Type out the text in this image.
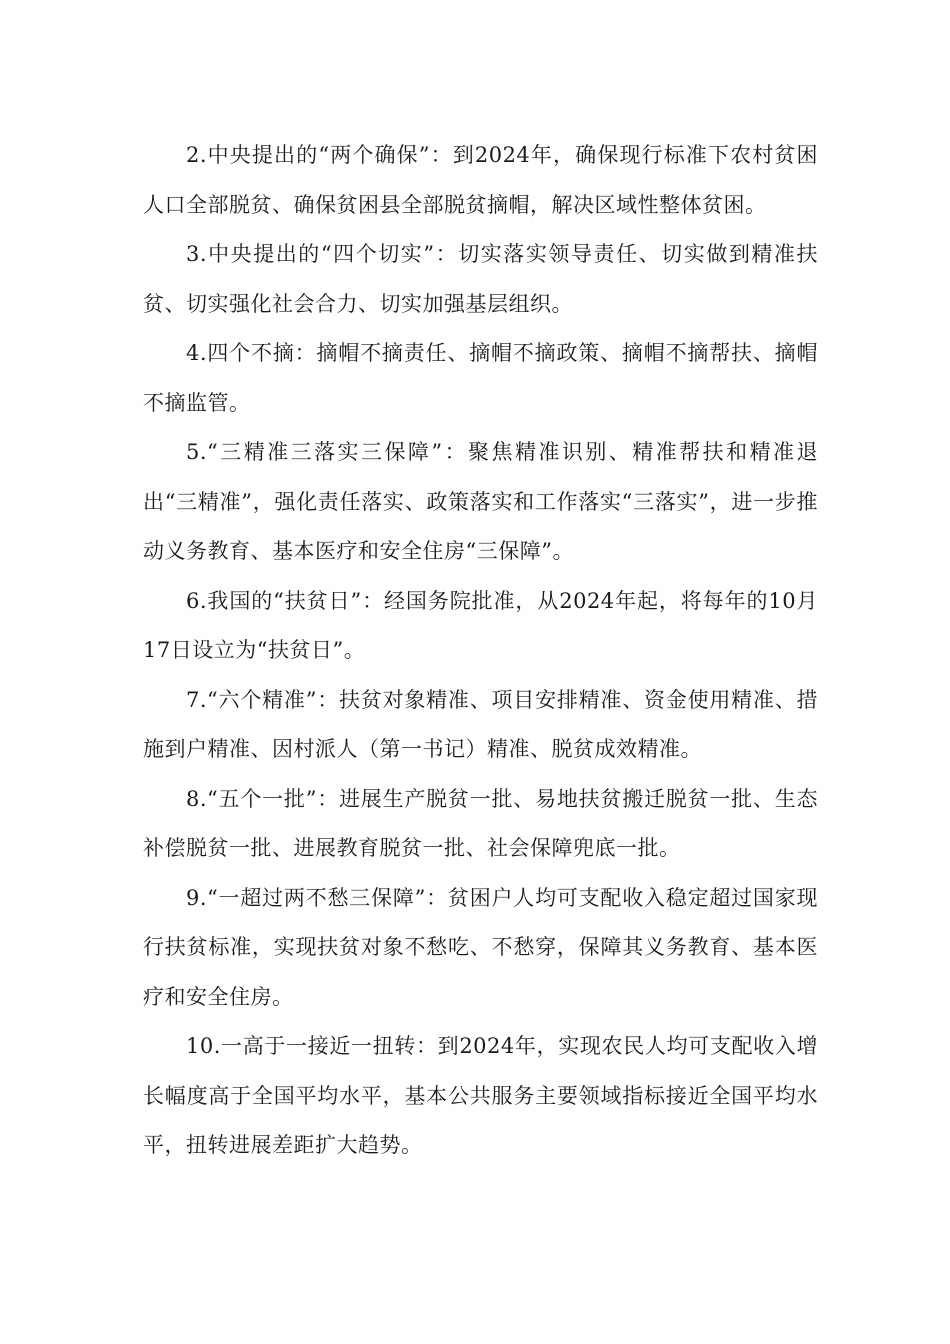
2.中央提出的“两个确保”：到2024年，确保现行标准下农村贫困人口全部脱贫、确保贫困县全部脱贫摘帽，解决区域性整体贫困。

3.中央提出的“四个切实”：切实落实领导责任、切实做到精准扶贫、切实强化社会合力、切实加强基层组织。

4.四个不摘：摘帽不摘责任、摘帽不摘政策、摘帽不摘帮扶、摘帽不摘监管。

5.“三精准三落实三保障”：聚焦精准识别、精准帮扶和精准退出“三精准”，强化责任落实、政策落实和工作落实“三落实”，进一步推动义务教育、基本医疗和安全住房“三保障”。

6.我国的“扶贫日”：经国务院批准，从2024年起，将每年的10月17日设立为“扶贫日”。

7.“六个精准”：扶贫对象精准、项目安排精准、资金使用精准、措施到户精准、因村派人（第一书记）精准、脱贫成效精准。

8.“五个一批”：进展生产脱贫一批、易地扶贫搬迁脱贫一批、生态补偿脱贫一批、进展教育脱贫一批、社会保障兜底一批。

9.“一超过两不愁三保障”：贫困户人均可支配收入稳定超过国家现行扶贫标准，实现扶贫对象不愁吃、不愁穿，保障其义务教育、基本医疗和安全住房。

10.一高于一接近一扭转：到2024年，实现农民人均可支配收入增长幅度高于全国平均水平，基本公共服务主要领域指标接近全国平均水平，扭转进展差距扩大趋势。
